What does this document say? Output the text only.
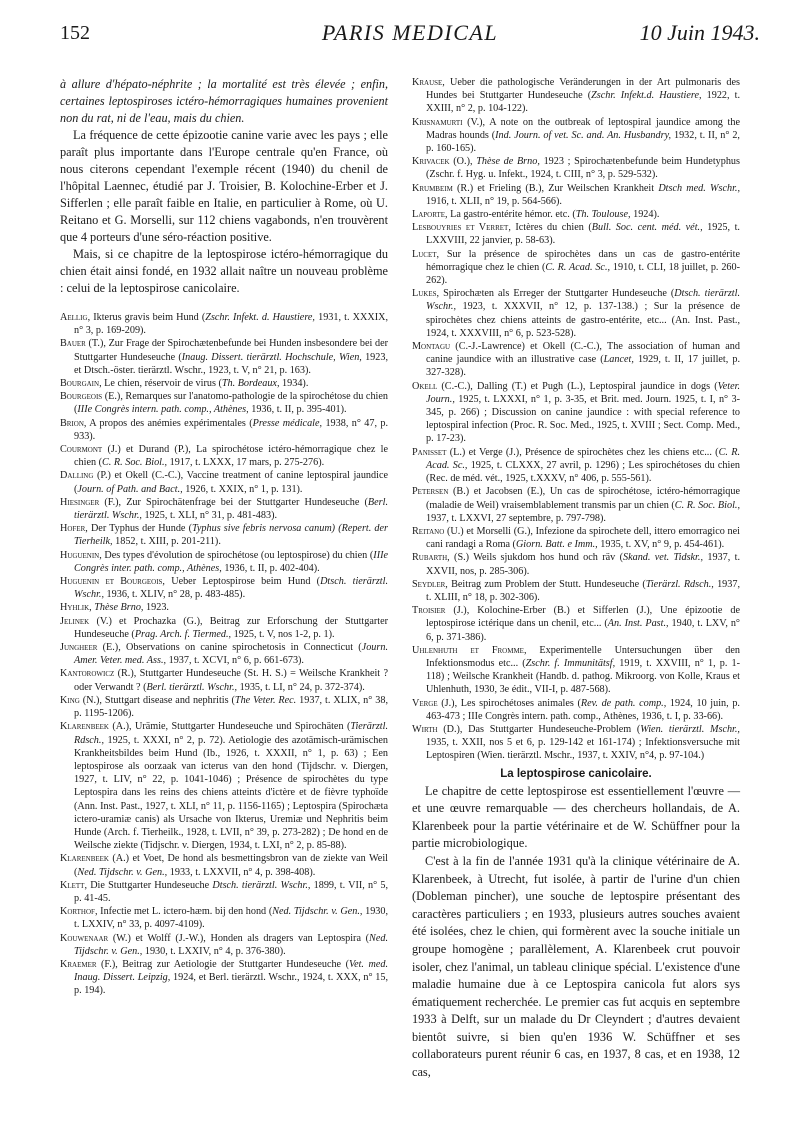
152	PARIS MEDICAL	10 Juin 1943.

à allure d'hépato-néphrite ; la mortalité est très élevée ; enfin, certaines leptospiroses ictéro-hémorragiques humaines provenient non du rat, ni de l'eau, mais du chien.

La fréquence de cette épizootie canine varie avec les pays ; elle paraît plus importante dans l'Europe centrale qu'en France, où nous citerons cependant l'exemple récent (1940) du chenil de l'hôpital Laennec, étudié par J. Troisier, B. Kolochine-Erber et J. Sifferlen ; elle paraît faible en Italie, en particulier à Rome, où U. Reitano et G. Morselli, sur 112 chiens vagabonds, n'en trouvèrent que 4 porteurs d'une séro-réaction positive.

Mais, si ce chapitre de la leptospirose ictéro-hémorragique du chien était ainsi fondé, en 1932 allait naître un nouveau problème : celui de la leptospirose canicolaire.

Aellig, Ikterus gravis beim Hund (Zschr. Infekt. d. Haustiere, 1931, t. XXXIX, n° 3, p. 169-209).

Bauer (T.), Zur Frage der Spirochætenbefunde bei Hunden insbesondere bei der Stuttgarter Hundeseuche (Inaug. Dissert. tierärztl. Hochschule, Wien, 1923, et Dtsch.-öster. tierärztl. Wschr., 1923, t. V, n° 21, p. 163).

Bourgain, Le chien, réservoir de virus (Th. Bordeaux, 1934).

Bourgeois (E.), Remarques sur l'anatomo-pathologie de la spirochétose du chien (IIIe Congrès intern. path. comp., Athènes, 1936, t. II, p. 395-401).

Brion, A propos des anémies expérimentales (Presse médicale, 1938, n° 47, p. 933).

Courmont (J.) et Durand (P.), La spirochétose ictéro-hémorragique chez le chien (C. R. Soc. Biol., 1917, t. LXXX, 17 mars, p. 275-276).

Dalling (P.) et Okell (C.-C.), Vaccine treatment of canine leptospiral jaundice (Journ. of Path. and Bact., 1926, t. XXIX, n° 1, p. 131).

Hiesinger (F.), Zur Spirochätenfrage bei der Stuttgarter Hundeseuche (Berl. tierärztl. Wschr., 1925, t. XLI, n° 31, p. 481-483).

Hofer, Der Typhus der Hunde (Typhus sive febris nervosa canum) (Repert. der Tierheilk, 1852, t. XIII, p. 201-211).

Huguenin, Des types d'évolution de spirochétose (ou leptospirose) du chien (IIIe Congrès inter. path. comp., Athènes, 1936, t. II, p. 402-404).

Huguenin et Bourgeois, Ueber Leptospirose beim Hund (Dtsch. tierärztl. Wschr., 1936, t. XLIV, n° 28, p. 483-485).

Hyhlik, Thèse Brno, 1923.

Jelinek (V.) et Prochazka (G.), Beitrag zur Erforschung der Stuttgarter Hundeseuche (Prag. Arch. f. Tiermed., 1925, t. V, nos 1-2, p. 1).

Jungheer (E.), Observations on canine spirochetosis in Connecticut (Journ. Amer. Veter. med. Ass., 1937, t. XCVI, n° 6, p. 661-673).

Kantorowicz (R.), Stuttgarter Hundeseuche (St. H. S.) = Weilsche Krankheit ? oder Verwandt ? (Berl. tierärztl. Wschr., 1935, t. LI, n° 24, p. 372-374).

King (N.), Stuttgart disease and nephritis (The Veter. Rec. 1937, t. XLIX, n° 38, p. 1195-1206).

Klarenbeek (A.), Urämie, Stuttgarter Hundeseuche und Spirochäten (Tierärztl. Rdsch., 1925, t. XXXI, n° 2, p. 72). Aetiologie des azotämisch-urämischen Krankheitsbildes beim Hund (Ib., 1926, t. XXXII, n° 1, p. 63) ; Een leptospirose als oorzaak van icterus van den hond (Tijdschr. v. Diergen, 1927, t. LIV, n° 22, p. 1041-1046) ; Présence de spirochètes du type Leptospira dans les reins des chiens atteints d'ictère et de fièvre typhoïde (Ann. Inst. Past., 1927, t. XLI, n° 11, p. 1156-1165) ; Leptospira (Spirochæta ictero-uramiæ canis) als Ursache von Ikterus, Uremiæ und Nephritis beim Hunde (Arch. f. Tierheilk., 1928, t. LVII, n° 39, p. 273-282) ; De hond en de Weilsche ziekte (Tidjschr. v. Diergen, 1934, t. LXI, n° 2, p. 85-88).

Klarenbeek (A.) et Voet, De hond als besmettingsbron van de ziekte van Weil (Ned. Tijdschr. v. Gen., 1933, t. LXXVII, n° 4, p. 398-408).

Klett, Die Stuttgarter Hundeseuche Dtsch. tierärztl. Wschr., 1899, t. VII, n° 5, p. 41-45.

Korthof, Infectie met L. ictero-hæm. bij den hond (Ned. Tijdschr. v. Gen., 1930, t. LXXIV, n° 33, p. 4097-4109).

Kouwenaar (W.) et Wolff (J.-W.), Honden als dragers van Leptospira (Ned. Tijdschr. v. Gen., 1930, t. LXXIV, n° 4, p. 376-380).

Kraemer (F.), Beitrag zur Aetiologie der Stuttgarter Hundeseuche (Vet. med. Inaug. Dissert. Leipzig, 1924, et Berl. tierärztl. Wschr., 1924, t. XXX, n° 15, p. 194).

Krause, Ueber die pathologische Veränderungen in der Art pulmonaris des Hundes bei Stuttgarter Hundeseuche (Zschr. Infekt.d. Haustiere, 1922, t. XXIII, n° 2, p. 104-122).

Krisnamurti (V.), A note on the outbreak of leptospiral jaundice among the Madras hounds (Ind. Journ. of vet. Sc. and. An. Husbandry, 1932, t. II, n° 2, p. 160-165).

Krivacek (O.), Thèse de Brno, 1923 ; Spirochætenbefunde beim Hundetyphus (Zschr. f. Hyg. u. Infekt., 1924, t. CIII, n° 3, p. 529-532).

Krumbeim (R.) et Frieling (B.), Zur Weilschen Krankheit Dtsch med. Wschr., 1916, t. XLII, n° 19, p. 564-566).

Laporte, La gastro-entérite hémor. etc. (Th. Toulouse, 1924).

Lesbouyries et Verret, Ictères du chien (Bull. Soc. cent. méd. vét., 1925, t. LXXVIII, 22 janvier, p. 58-63).

Lucet, Sur la présence de spirochètes dans un cas de gastro-entérite hémorragique chez le chien (C. R. Acad. Sc., 1910, t. CLI, 18 juillet, p. 260-262).

Lukes, Spirochæten als Erreger der Stuttgarter Hundeseuche (Dtsch. tierärztl. Wschr., 1923, t. XXXVII, n° 12, p. 137-138.) ; Sur la présence de spirochètes chez chiens atteints de gastro-entérite, etc... (An. Inst. Past., 1924, t. XXXVIII, n° 6, p. 523-528).

Montagu (C.-J.-Lawrence) et Okell (C.-C.), The association of human and canine jaundice with an illustrative case (Lancet, 1929, t. II, 17 juillet, p. 327-328).

Okell (C.-C.), Dalling (T.) et Pugh (L.), Leptospiral jaundice in dogs (Veter. Journ., 1925, t. LXXXI, n° 1, p. 3-35, et Brit. med. Journ. 1925, t. I, n° 3-345, p. 266) ; Discussion on canine jaundice : with special reference to leptospiral infection (Proc. R. Soc. Med., 1925, t. XVIII ; Sect. Comp. Med., p. 17-23).

Panisset (L.) et Verge (J.), Présence de spirochètes chez les chiens etc... (C. R. Acad. Sc., 1925, t. CLXXX, 27 avril, p. 1296) ; Les spirochétoses du chien (Rec. de méd. vét., 1925, t.XXXV, n° 406, p. 555-561).

Petersen (B.) et Jacobsen (E.), Un cas de spirochétose, ictéro-hémorragique (maladie de Weil) vraisemblablement transmis par un chien (C. R. Soc. Biol., 1937, t. LXXVI, 27 septembre, p. 797-798).

Reitano (U.) et Morselli (G.), Infezione da spirochete dell, ittero emorragico nei cani randagi a Roma (Giorn. Batt. e Imm., 1935, t. XV, n° 9, p. 454-461).

Rubarth, (S.) Weils sjukdom hos hund och räv (Skand. vet. Tidskr., 1937, t. XXVII, nos, p. 285-306).

Seydler, Beitrag zum Problem der Stutt. Hundeseuche (Tierärzl. Rdsch., 1937, t. XLIII, n° 18, p. 302-306).

Troisier (J.), Kolochine-Erber (B.) et Sifferlen (J.), Une épizootie de leptospirose ictérique dans un chenil, etc... (An. Inst. Past., 1940, t. LXV, n° 6, p. 371-386).

Uhlenhuth et Fromme, Experimentelle Untersuchungen über den Infektionsmodus etc... (Zschr. f. Immunitätsf, 1919, t. XXVIII, n° 1, p. 1-118) ; Weilsche Krankheit (Handb. d. pathog. Mikroorg. von Kolle, Kraus et Uhlenhuth, 1930, 3e édit., VII-I, p. 487-568).

Verge (J.), Les spirochétoses animales (Rev. de path. comp., 1924, 10 juin, p. 463-473 ; IIIe Congrès intern. path. comp., Athènes, 1936, t. I, p. 33-66).

Wirth (D.), Das Stuttgarter Hundeseuche-Problem (Wien. tierärztl. Mschr., 1935, t. XXII, nos 5 et 6, p. 129-142 et 161-174) ; Infektionsversuche mit Leptospiren (Wien. tierärztl. Mschr., 1937, t. XXIV, n°4, p. 97-104.)

La leptospirose canicolaire.

Le chapitre de cette leptospirose est essentiellement l'œuvre — et une œuvre remarquable — des chercheurs hollandais, de A. Klarenbeek pour la partie vétérinaire et de W. Schüffner pour la partie microbiologique.

C'est à la fin de l'année 1931 qu'à la clinique vétérinaire de A. Klarenbeek, à Utrecht, fut isolée, à partir de l'urine d'un chien (Dobleman pincher), une souche de leptospire présentant des caractères particuliers ; en 1933, plusieurs autres souches avaient été isolées, chez le chien, qui formèrent avec la souche initiale un groupe homogène ; parallèlement, A. Klarenbeek crut pouvoir isoler, chez l'animal, un tableau clinique spécial. L'existence d'une maladie humaine due à ce Leptospira canicola fut alors sys ématiquement recherchée. Le premier cas fut acquis en septembre 1933 à Delft, sur un malade du Dr Cleyndert ; d'autres devaient bientôt suivre, si bien qu'en 1936 W. Schüffner et ses collaborateurs purent réunir 6 cas, en 1937, 8 cas, et en 1938, 12 cas,
